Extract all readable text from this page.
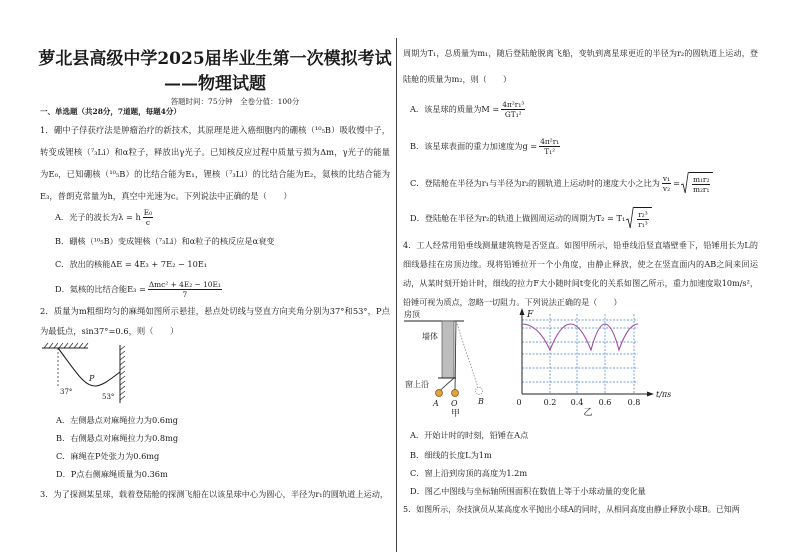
萝北县高级中学2025届毕业生第一次模拟考试
——物理试题
答题时间：75分钟　全卷分值：100分
一、单选题（共28分，7道题，每题4分）
1．硼中子俘获疗法是肿瘤治疗的新技术，其原理是进入癌细胞内的硼核（¹⁰₅B）吸收慢中子，转变成锂核（⁷₃Li）和α粒子，释放出γ光子。已知核反应过程中质量亏损为Δm，γ光子的能量为E₀，已知硼核（¹⁰₅B）的比结合能为E₁，锂核（⁷₃Li）的比结合能为E₂，氦核的比结合能为E₃，普朗克常量为h，真空中光速为c。下列说法中正确的是（　　）
A．光子的波长为 λ = h $\frac{\text{E₀}}{c}$
B．硼核（¹⁰₅B）变成锂核（⁷₃Li）和α粒子的核反应是α衰变
C．放出的核能ΔE = 4E₃ + 7E₂ − 10E₁
D．氦核的比结合能 $E_3 = \frac{\text{Δmc² + 4E₂ − 10E₁}}{7}$
2．质量为m粗细均匀的麻绳如图所示悬挂，悬点处切线与竖直方向夹角分别为37°和53°，P点为最低点，sin37°=0.6，则（　　）
37°
P
53°
A．左侧悬点对麻绳拉力为0.6mg
B．右侧悬点对麻绳拉力为0.8mg
C．麻绳在P处张力为0.6mg
D．P点右侧麻绳质量为0.36m
3．为了探测某星球，载着登陆舱的探测飞船在以该星球中心为圆心，半径为r₁的圆轨道上运动，
周期为T₁，总质量为m₁，随后登陆舱脱离飞船，变轨到离星球更近的半径为r₂的圆轨道上运动，登陆舱的质量为m₂，则（　　）
A．该星球的质量为 $M = \frac{\text{4π²r₁³}}{\text{GT₁²}}$
B．该星球表面的重力加速度为 $g = \frac{\text{4π²r₁}}{\text{T₁²}}$
C．登陆舱在半径为r₁与半径为r₂的圆轨道上运动时的速度大小之比为 $\frac{\text{v₁}}{\text{v₂}} = \frac{\text{m₁r₂}}{\text{m₂r₁}}$
D．登陆舱在半径为r₂的轨道上做圆周运动的周期为 $T_2 = T_1 \frac{\text{r₂³}}{\text{r₁³}}$
4．工人经常用铅垂线测量建筑物是否竖直。如图甲所示，铅垂线沿竖直墙壁垂下，铅锤用长为L的细线悬挂在房顶边缘。现将铅锤拉开一个小角度，由静止释放，使之在竖直面内的AB之间来回运动，从某时刻开始计时，细线的拉力F大小随时间t变化的关系如图乙所示，重力加速度取10m/s²，铅锤可视为质点，忽略一切阻力。下列说法正确的是（　　）
房顶
墙体
窗上沿
A O	B
甲
F
t/πs
0	0.2 0.4 0.6 0.8
乙
A．开始计时的时刻，铅锤在A点
B．细线的长度L为1m
C．窗上沿到房顶的高度为1.2m
D．图乙中图线与坐标轴所围面积在数值上等于小球动量的变化量
5．如图所示，杂技演员从某高度水平抛出小球A的同时，从相同高度由静止释放小球B。已知两
